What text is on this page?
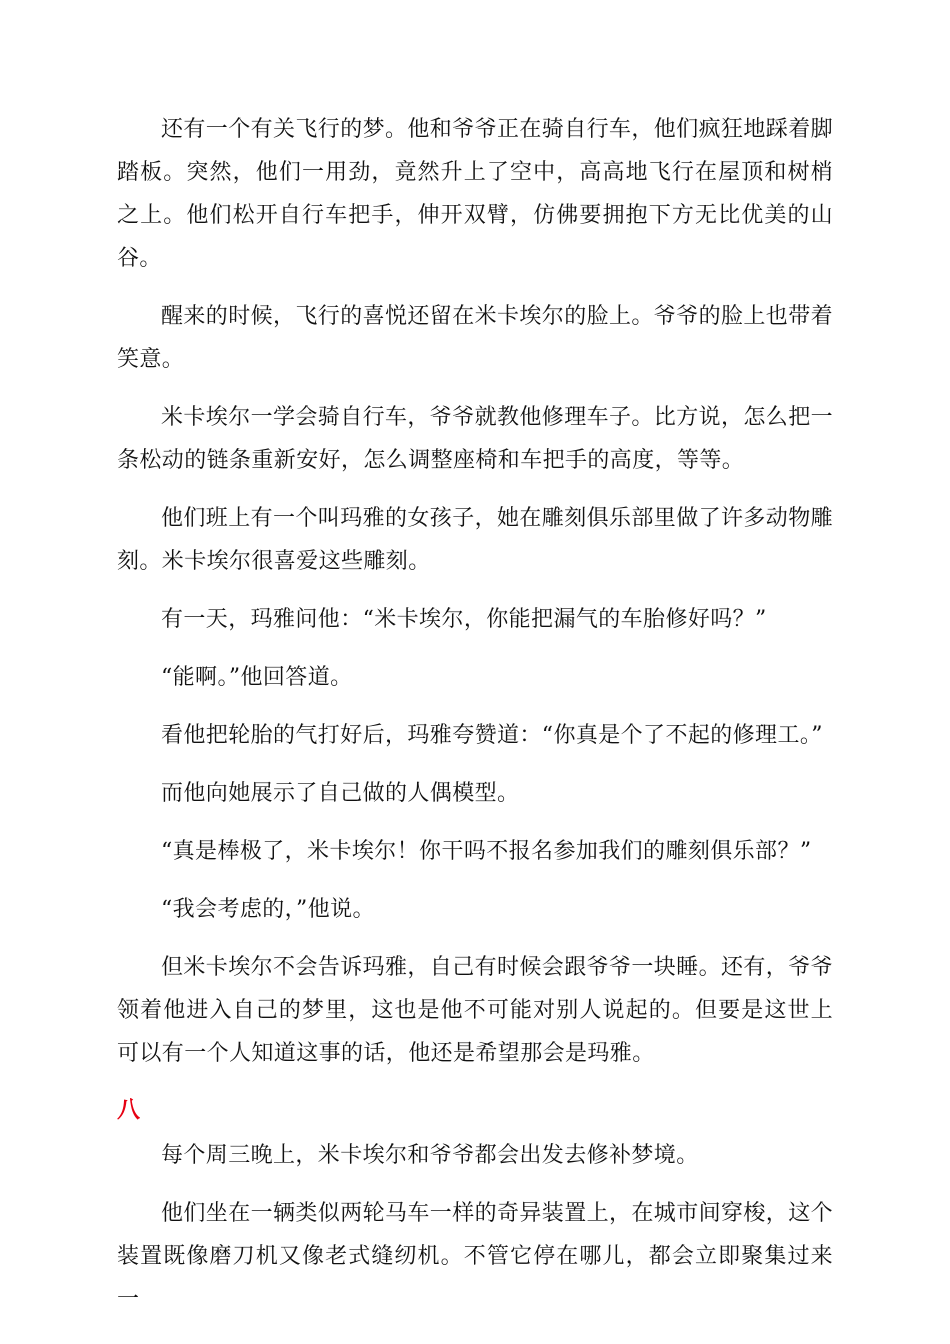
还有一个有关飞行的梦。他和爷爷正在骑自行车，他们疯狂地踩着脚踏板。突然，他们一用劲，竟然升上了空中，高高地飞行在屋顶和树梢之上。他们松开自行车把手，伸开双臂，仿佛要拥抱下方无比优美的山谷。

醒来的时候，飞行的喜悦还留在米卡埃尔的脸上。爷爷的脸上也带着笑意。

米卡埃尔一学会骑自行车，爷爷就教他修理车子。比方说，怎么把一条松动的链条重新安好，怎么调整座椅和车把手的高度，等等。

他们班上有一个叫玛雅的女孩子，她在雕刻俱乐部里做了许多动物雕刻。米卡埃尔很喜爱这些雕刻。

有一天，玛雅问他：“米卡埃尔，你能把漏气的车胎修好吗？”

“能啊。”他回答道。

看他把轮胎的气打好后，玛雅夸赞道：“你真是个了不起的修理工。”

而他向她展示了自己做的人偶模型。

“真是棒极了，米卡埃尔！你干吗不报名参加我们的雕刻俱乐部？”

“我会考虑的，”他说。

但米卡埃尔不会告诉玛雅，自己有时候会跟爷爷一块睡。还有，爷爷领着他进入自己的梦里，这也是他不可能对别人说起的。但要是这世上可以有一个人知道这事的话，他还是希望那会是玛雅。

八

每个周三晚上，米卡埃尔和爷爷都会出发去修补梦境。

他们坐在一辆类似两轮马车一样的奇异装置上，在城市间穿梭，这个装置既像磨刀机又像老式缝纫机。不管它停在哪儿，都会立即聚集过来一
